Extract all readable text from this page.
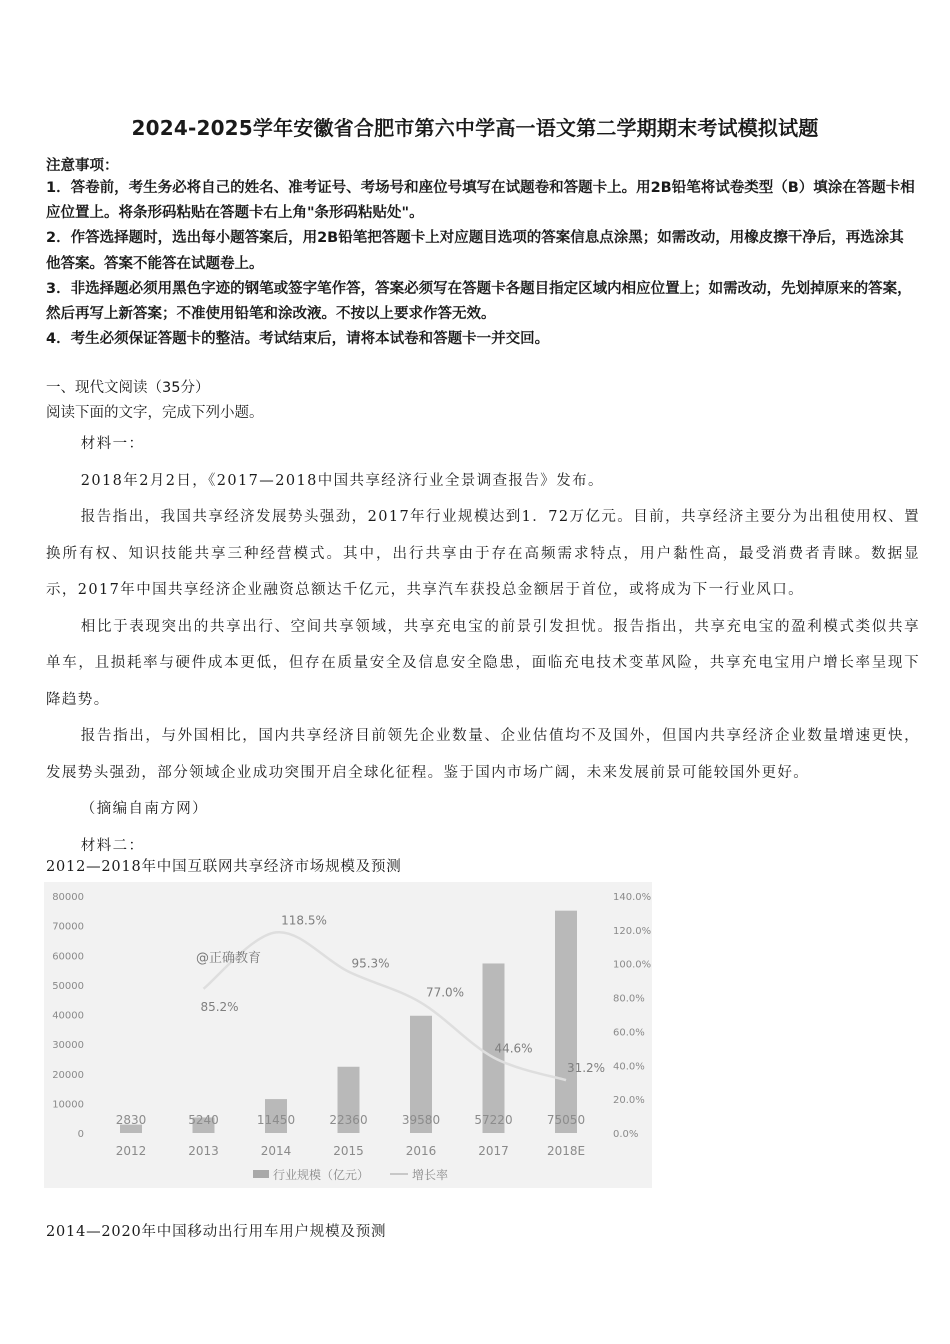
2024-2025学年安徽省合肥市第六中学高一语文第二学期期末考试模拟试题
注意事项：

1．答卷前，考生务必将自己的姓名、准考证号、考场号和座位号填写在试题卷和答题卡上。用2B铅笔将试卷类型（B）填涂在答题卡相应位置上。将条形码粘贴在答题卡右上角"条形码粘贴处"。

2．作答选择题时，选出每小题答案后，用2B铅笔把答题卡上对应题目选项的答案信息点涂黑；如需改动，用橡皮擦干净后，再选涂其他答案。答案不能答在试题卷上。

3．非选择题必须用黑色字迹的钢笔或签字笔作答，答案必须写在答题卡各题目指定区域内相应位置上；如需改动，先划掉原来的答案，然后再写上新答案；不准使用铅笔和涂改液。不按以上要求作答无效。

4．考生必须保证答题卡的整洁。考试结束后，请将本试卷和答题卡一并交回。

一、现代文阅读（35分）
阅读下面的文字，完成下列小题。

材料一：

2018年2月2日，《2017—2018中国共享经济行业全景调查报告》发布。

报告指出，我国共享经济发展势头强劲，2017年行业规模达到1．72万亿元。目前，共享经济主要分为出租使用权、置换所有权、知识技能共享三种经营模式。其中，出行共享由于存在高频需求特点，用户黏性高，最受消费者青睐。数据显示，2017年中国共享经济企业融资总额达千亿元，共享汽车获投总金额居于首位，或将成为下一行业风口。

相比于表现突出的共享出行、空间共享领域，共享充电宝的前景引发担忧。报告指出，共享充电宝的盈利模式类似共享单车，且损耗率与硬件成本更低，但存在质量安全及信息安全隐患，面临充电技术变革风险，共享充电宝用户增长率呈现下降趋势。

报告指出，与外国相比，国内共享经济目前领先企业数量、企业估值均不及国外，但国内共享经济企业数量增速更快，发展势头强劲，部分领域企业成功突围开启全球化征程。鉴于国内市场广阔，未来发展前景可能较国外更好。

（摘编自南方网）

材料二：

2012—2018年中国互联网共享经济市场规模及预测
0
10000
20000
30000
40000
50000
60000
70000
80000
0.0%
20.0%
40.0%
60.0%
80.0%
100.0%
120.0%
140.0%
2830	5240	11450	22360	39580	57220	75050
2012	2013	2014	2015	2016	2017	2018E
85.2%
118.5%
95.3%
77.0%
44.6%
31.2%
@正确教育
行业规模（亿元）	增长率
2014—2020年中国移动出行用车用户规模及预测
